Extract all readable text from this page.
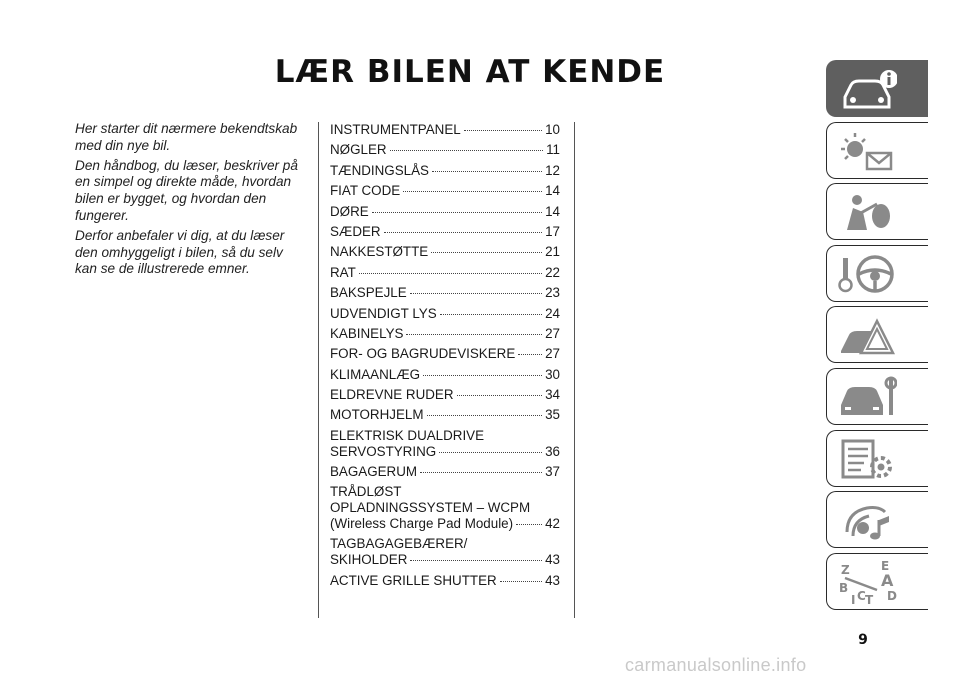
LÆR BILEN AT KENDE

Her starter dit nærmere bekendtskab med din nye bil.

Den håndbog, du læser, beskriver på en simpel og direkte måde, hvordan bilen er bygget, og hvordan den fungerer.

Derfor anbefaler vi dig, at du læser den omhyggeligt i bilen, så du selv kan se de illustrerede emner.

INSTRUMENTPANEL	10
NØGLER	11
TÆNDINGSLÅS	12
FIAT CODE	14
DØRE	14
SÆDER	17
NAKKESTØTTE	21
RAT	22
BAKSPEJLE	23
UDVENDIGT LYS	24
KABINELYS	27
FOR- OG BAGRUDEVISKERE 27
KLIMAANLÆG	30
ELDREVNE RUDER	34
MOTORHJELM	35
ELEKTRISK DUALDRIVE
SERVOSTYRING	36
BAGAGERUM	37
TRÅDLØST
OPLADNINGSSYSTEM – WCPM
(Wireless Charge Pad Module) 42
TAGBAGAGEBÆRER/
SKIHOLDER	43
ACTIVE GRILLE SHUTTER	43
Z	E
A
B
C D
I T
9
carmanualsonline.info
